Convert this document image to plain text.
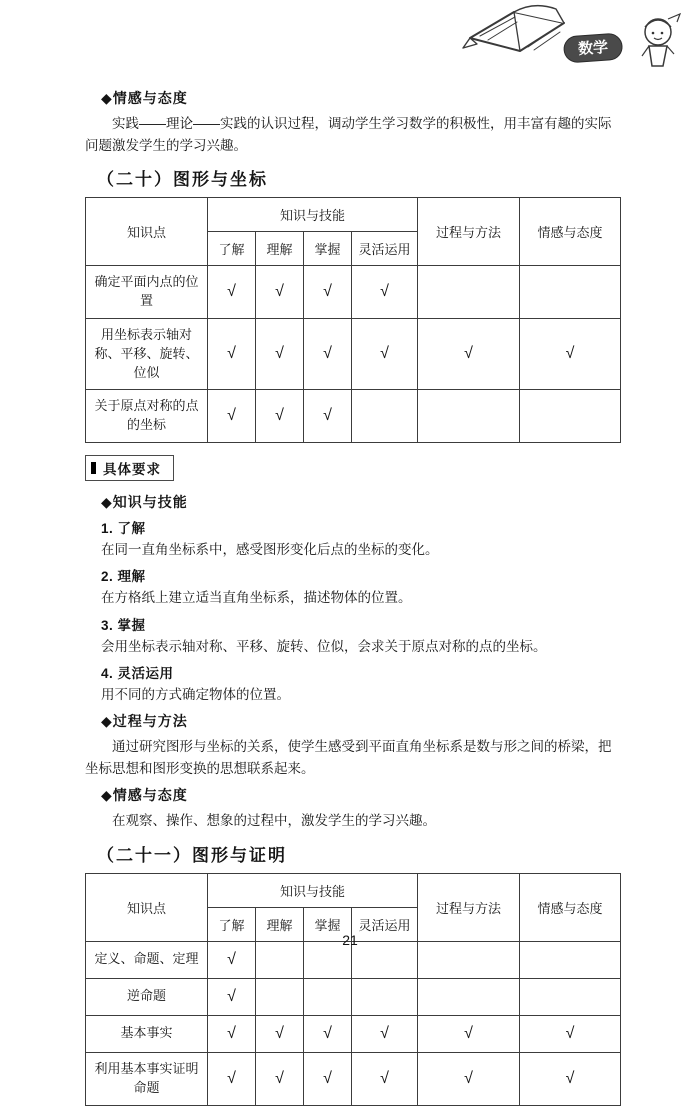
数学
◆情感与态度

实践——理论——实践的认识过程，调动学生学习数学的积极性，用丰富有趣的实际问题激发学生的学习兴趣。

（二十）图形与坐标
知识点	知识与技能				过程与方法	情感与态度
	了解	理解	掌握	灵活运用		
确定平面内点的位置	√	√	√	√		
用坐标表示轴对称、平移、旋转、位似	√	√	√	√	√	√
关于原点对称的点的坐标	√	√	√			
具体要求
◆知识与技能
1. 了解
在同一直角坐标系中，感受图形变化后点的坐标的变化。
2. 理解
在方格纸上建立适当直角坐标系，描述物体的位置。
3. 掌握
会用坐标表示轴对称、平移、旋转、位似，会求关于原点对称的点的坐标。
4. 灵活运用
用不同的方式确定物体的位置。
◆过程与方法

通过研究图形与坐标的关系，使学生感受到平面直角坐标系是数与形之间的桥梁，把坐标思想和图形变换的思想联系起来。

◆情感与态度

在观察、操作、想象的过程中，激发学生的学习兴趣。

（二十一）图形与证明
知识点	知识与技能				过程与方法	情感与态度
	了解	理解	掌握	灵活运用		
定义、命题、定理	√					
逆命题	√					
基本事实	√	√	√	√	√	√
利用基本事实证明命题	√	√	√	√	√	√
21
